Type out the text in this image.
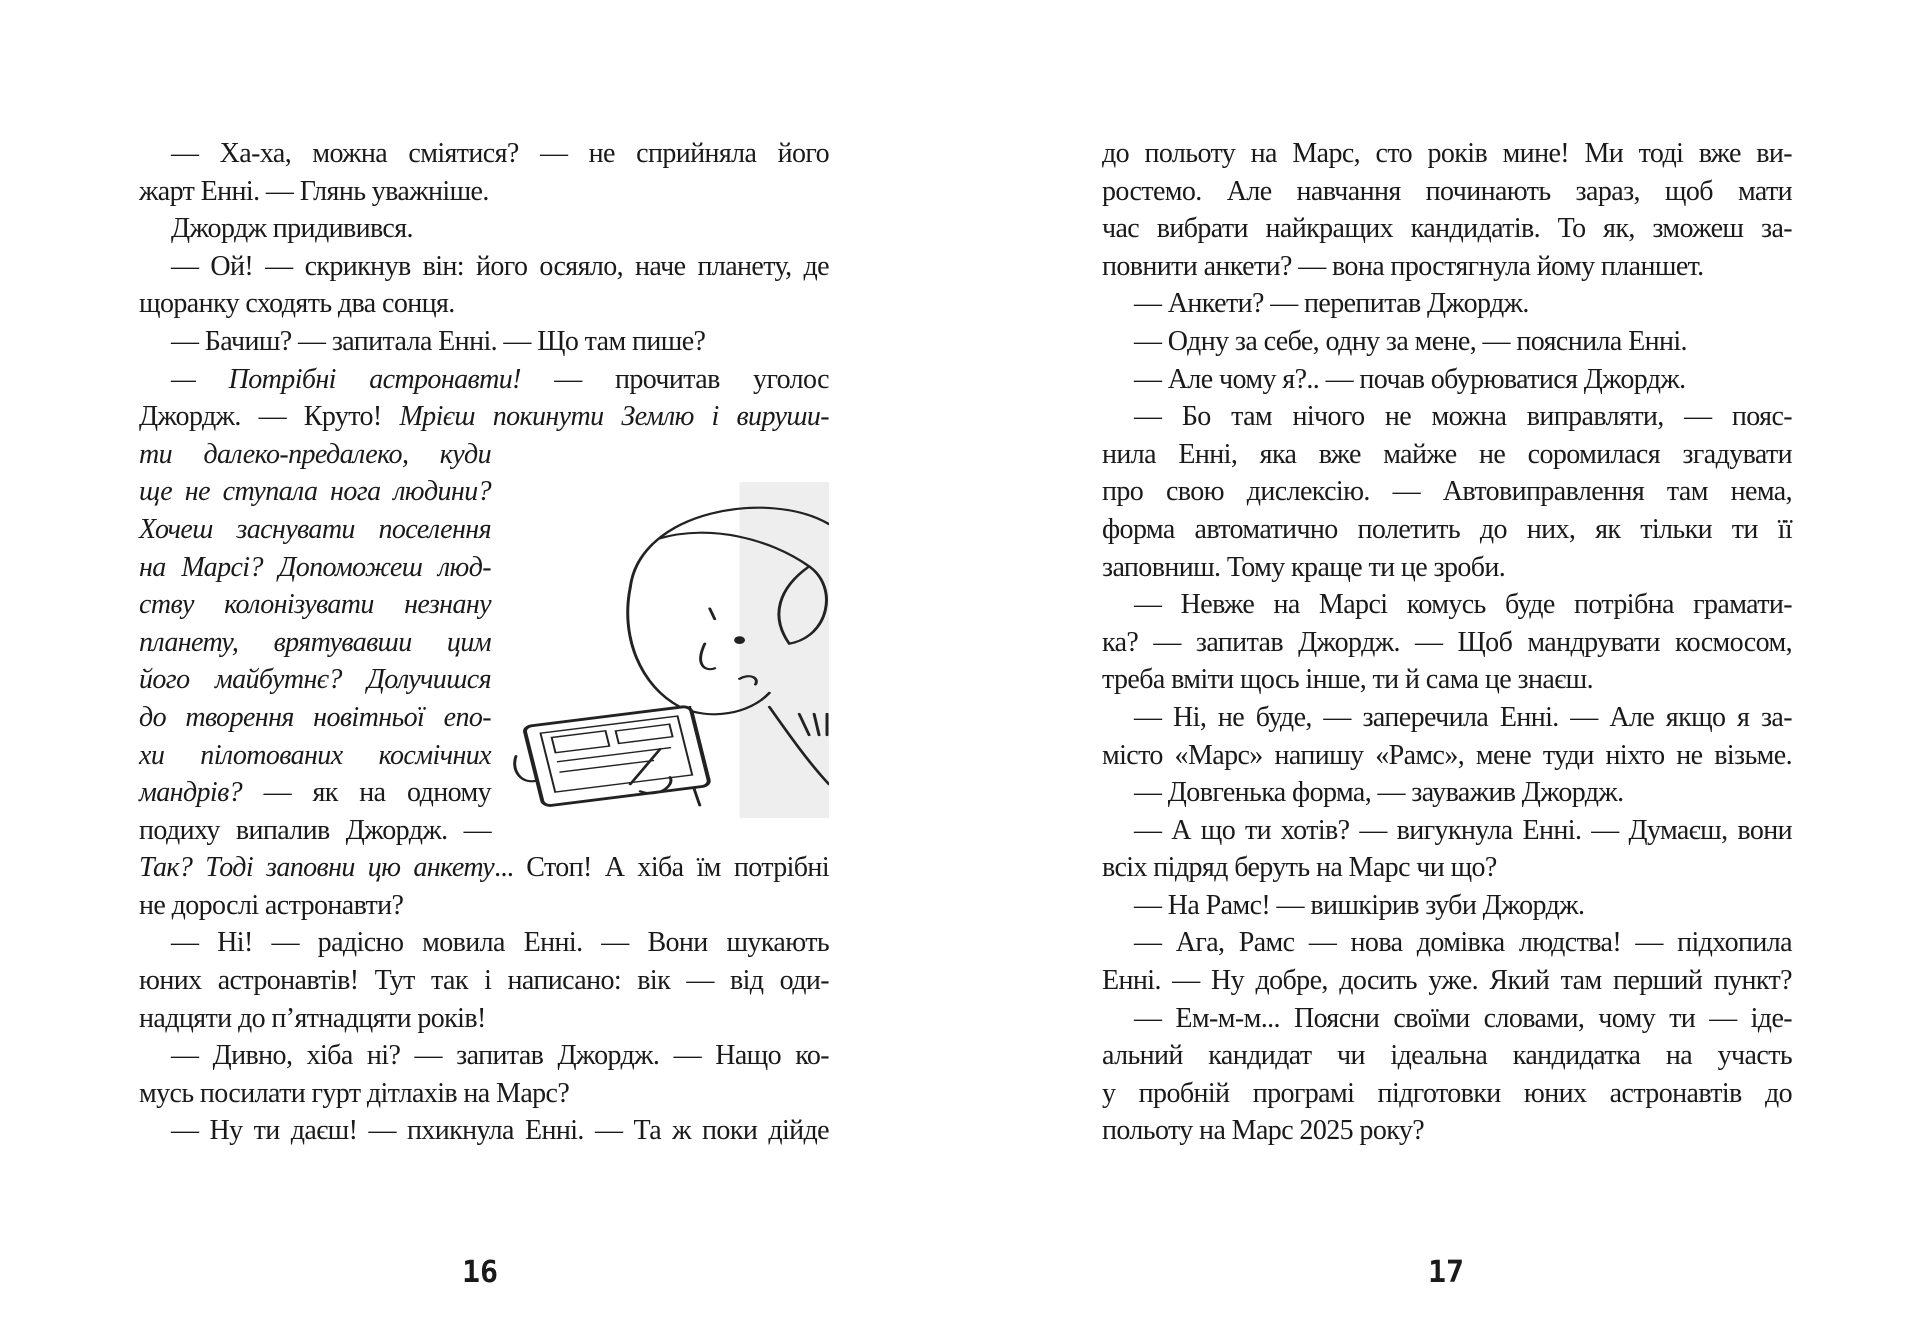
— Ха-ха, можна сміятися? — не сприйняла його
жарт Енні. — Глянь уважніше.
Джордж придивився.
— Ой! — скрикнув він: його осяяло, наче планету, де
щоранку сходять два сонця.
— Бачиш? — запитала Енні. — Що там пише?
— Потрібні астронавти! — прочитав уголос
Джордж. — Круто! Мрієш покинути Землю і вируши-
ти далеко-предалеко, куди
ще не ступала нога людини?
Хочеш заснувати поселення
на Марсі? Допоможеш люд-
ству колонізувати незнану
планету, врятувавши цим
його майбутнє? Долучишся
до творення новітньої епо-
хи пілотованих космічних
мандрів? — як на одному
подиху випалив Джордж. —
Так? Тоді заповни цю анкету... Стоп! А хіба їм потрібні
не дорослі астронавти?
— Ні! — радісно мовила Енні. — Вони шукають
юних астронавтів! Тут так і написано: вік — від оди-
надцяти до п’ятнадцяти років!
— Дивно, хіба ні? — запитав Джордж. — Нащо ко-
мусь посилати гурт дітлахів на Марс?
— Ну ти даєш! — пхикнула Енні. — Та ж поки дійде
до польоту на Марс, сто років мине! Ми тоді вже ви-
ростемо. Але навчання починають зараз, щоб мати
час вибрати найкращих кандидатів. То як, зможеш за-
повнити анкети? — вона простягнула йому планшет.
— Анкети? — перепитав Джордж.
— Одну за себе, одну за мене, — пояснила Енні.
— Але чому я?.. — почав обурюватися Джордж.
— Бо там нічого не можна виправляти, — пояс-
нила Енні, яка вже майже не соромилася згадувати
про свою дислексію. — Автовиправлення там нема,
форма автоматично полетить до них, як тільки ти її
заповниш. Тому краще ти це зроби.
— Невже на Марсі комусь буде потрібна грамати-
ка? — запитав Джордж. — Щоб мандрувати космосом,
треба вміти щось інше, ти й сама це знаєш.
— Ні, не буде, — заперечила Енні. — Але якщо я за-
місто «Марс» напишу «Рамс», мене туди ніхто не візьме.
— Довгенька форма, — зауважив Джордж.
— А що ти хотів? — вигукнула Енні. — Думаєш, вони
всіх підряд беруть на Марс чи що?
— На Рамс! — вишкірив зуби Джордж.
— Ага, Рамс — нова домівка людства! — підхопила
Енні. — Ну добре, досить уже. Який там перший пункт?
— Ем-м-м... Поясни своїми словами, чому ти — іде-
альний кандидат чи ідеальна кандидатка на участь
у пробній програмі підготовки юних астронавтів до
польоту на Марс 2025 року?
16	17
